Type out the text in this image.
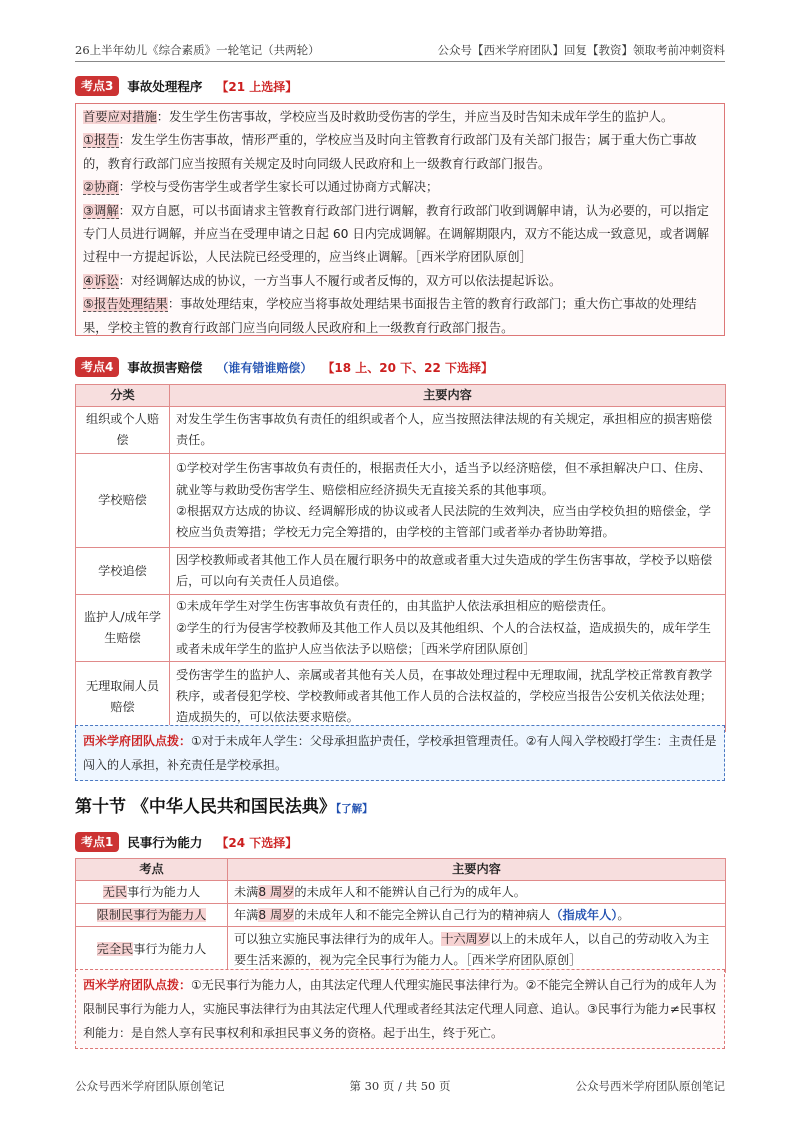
26上半年幼儿《综合素质》一轮笔记（共两轮）	公众号【西米学府团队】回复【教资】领取考前冲刺资料
考点3	事故处理程序 【21 上选择】

首要应对措施：发生学生伤害事故，学校应当及时救助受伤害的学生，并应当及时告知未成年学生的监护人。

①报告：发生学生伤害事故，情形严重的，学校应当及时向主管教育行政部门及有关部门报告；属于重大伤亡事故的，教育行政部门应当按照有关规定及时向同级人民政府和上一级教育行政部门报告。

②协商：学校与受伤害学生或者学生家长可以通过协商方式解决；

③调解：双方自愿，可以书面请求主管教育行政部门进行调解，教育行政部门收到调解申请，认为必要的，可以指定专门人员进行调解，并应当在受理申请之日起 60 日内完成调解。在调解期限内，双方不能达成一致意见，或者调解过程中一方提起诉讼，人民法院已经受理的，应当终止调解。［西米学府团队原创］

④诉讼：对经调解达成的协议，一方当事人不履行或者反悔的，双方可以依法提起诉讼。

⑤报告处理结果：事故处理结束，学校应当将事故处理结果书面报告主管的教育行政部门；重大伤亡事故的处理结果，学校主管的教育行政部门应当向同级人民政府和上一级教育行政部门报告。

考点4	事故损害赔偿 （谁有错谁赔偿） 【18 上、20 下、22 下选择】
分类	主要内容
组织或个人赔偿	对发生学生伤害事故负有责任的组织或者个人，应当按照法律法规的有关规定，承担相应的损害赔偿责任。
学校赔偿	①学校对学生伤害事故负有责任的，根据责任大小，适当予以经济赔偿，但不承担解决户口、住房、就业等与救助受伤害学生、赔偿相应经济损失无直接关系的其他事项。
②根据双方达成的协议、经调解形成的协议或者人民法院的生效判决，应当由学校负担的赔偿金，学校应当负责筹措；学校无力完全筹措的，由学校的主管部门或者举办者协助筹措。

学校追偿	因学校教师或者其他工作人员在履行职务中的故意或者重大过失造成的学生伤害事故，学校予以赔偿后，可以向有关责任人员追偿。
监护人/成年学生赔偿	①未成年学生对学生伤害事故负有责任的，由其监护人依法承担相应的赔偿责任。
②学生的行为侵害学校教师及其他工作人员以及其他组织、个人的合法权益，造成损失的，成年学生或者未成年学生的监护人应当依法予以赔偿；［西米学府团队原创］

无理取闹人员赔偿	受伤害学生的监护人、亲属或者其他有关人员，在事故处理过程中无理取闹，扰乱学校正常教育教学秩序，或者侵犯学校、学校教师或者其他工作人员的合法权益的，学校应当报告公安机关依法处理；造成损失的，可以依法要求赔偿。
西米学府团队点拨：①对于未成年人学生：父母承担监护责任，学校承担管理责任。②有人闯入学校殴打学生：主责任是闯入的人承担，补充责任是学校承担。
第十节 《中华人民共和国民法典》【了解】
考点1	民事行为能力 【24 下选择】
考点	主要内容
无民事行为能力人	未满8 周岁的未成年人和不能辨认自己行为的成年人。
限制民事行为能力人	年满8 周岁的未成年人和不能完全辨认自己行为的精神病人（指成年人）。
完全民事行为能力人	可以独立实施民事法律行为的成年人。十六周岁以上的未成年人，以自己的劳动收入为主要生活来源的，视为完全民事行为能力人。［西米学府团队原创］
西米学府团队点拨：①无民事行为能力人，由其法定代理人代理实施民事法律行为。②不能完全辨认自己行为的成年人为限制民事行为能力人，实施民事法律行为由其法定代理人代理或者经其法定代理人同意、追认。③民事行为能力≠民事权利能力：是自然人享有民事权利和承担民事义务的资格。起于出生，终于死亡。
公众号西米学府团队原创笔记	第 30 页 / 共 50 页	公众号西米学府团队原创笔记
